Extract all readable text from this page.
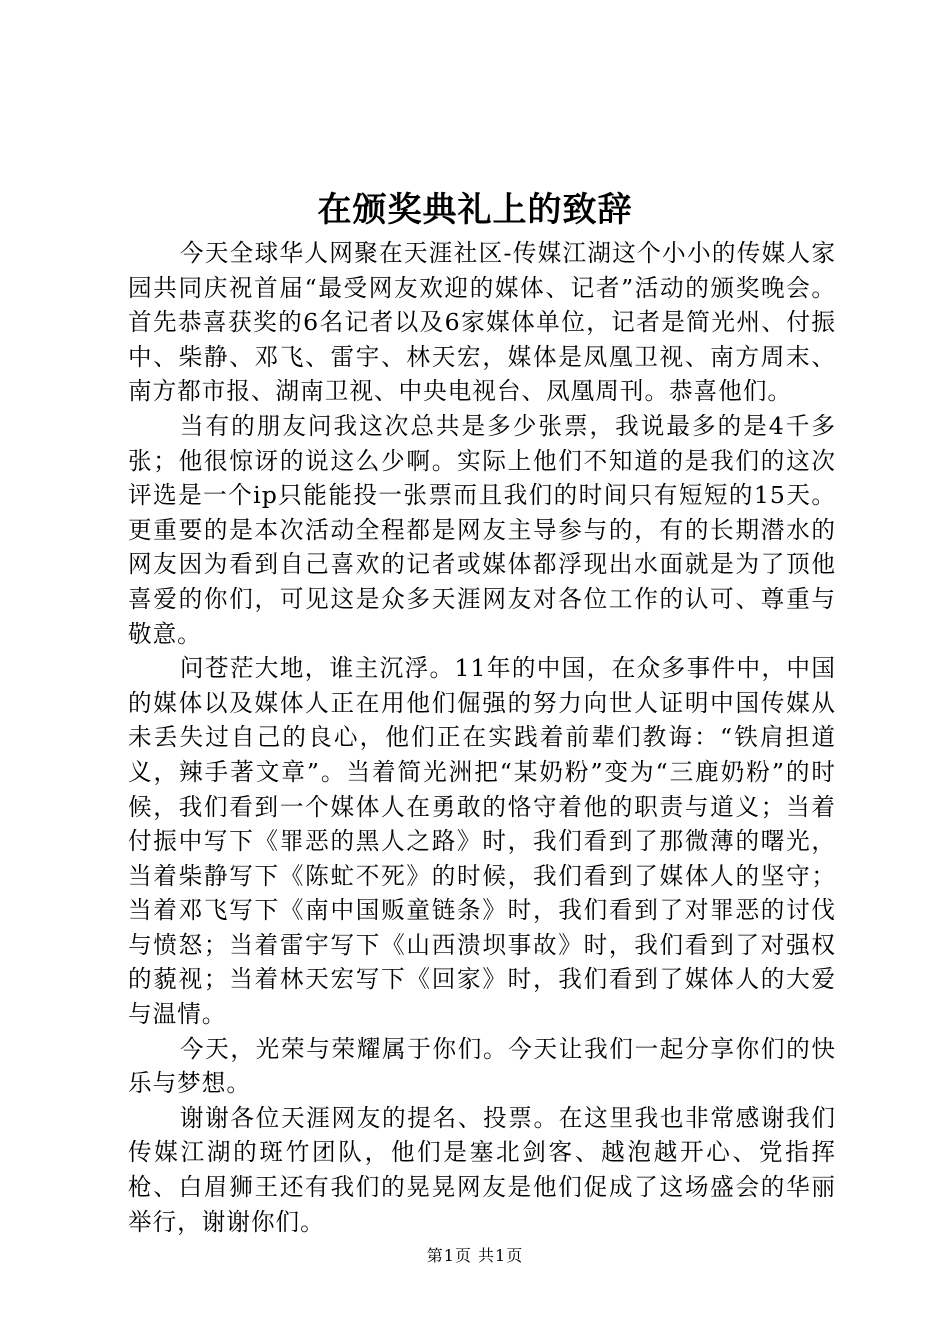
在颁奖典礼上的致辞

今天全球华人网聚在天涯社区-传媒江湖这个小小的传媒人家园共同庆祝首届“最受网友欢迎的媒体、记者”活动的颁奖晚会。首先恭喜获奖的6名记者以及6家媒体单位，记者是简光州、付振中、柴静、邓飞、雷宇、林天宏，媒体是凤凰卫视、南方周末、南方都市报、湖南卫视、中央电视台、凤凰周刊。恭喜他们。

当有的朋友问我这次总共是多少张票，我说最多的是4千多张；他很惊讶的说这么少啊。实际上他们不知道的是我们的这次评选是一个ip只能能投一张票而且我们的时间只有短短的15天。更重要的是本次活动全程都是网友主导参与的，有的长期潜水的网友因为看到自己喜欢的记者或媒体都浮现出水面就是为了顶他喜爱的你们，可见这是众多天涯网友对各位工作的认可、尊重与敬意。

问苍茫大地，谁主沉浮。11年的中国，在众多事件中，中国的媒体以及媒体人正在用他们倔强的努力向世人证明中国传媒从未丢失过自己的良心，他们正在实践着前辈们教诲：“铁肩担道义，辣手著文章”。当着简光洲把“某奶粉”变为“三鹿奶粉”的时候，我们看到一个媒体人在勇敢的恪守着他的职责与道义；当着付振中写下《罪恶的黑人之路》时，我们看到了那微薄的曙光，当着柴静写下《陈虻不死》的时候，我们看到了媒体人的坚守；当着邓飞写下《南中国贩童链条》时，我们看到了对罪恶的讨伐与愤怒；当着雷宇写下《山西溃坝事故》时，我们看到了对强权的藐视；当着林天宏写下《回家》时，我们看到了媒体人的大爱与温情。

今天，光荣与荣耀属于你们。今天让我们一起分享你们的快乐与梦想。

谢谢各位天涯网友的提名、投票。在这里我也非常感谢我们传媒江湖的斑竹团队，他们是塞北剑客、越泡越开心、党指挥枪、白眉狮王还有我们的晃晃网友是他们促成了这场盛会的华丽举行，谢谢你们。

第1页 共1页
